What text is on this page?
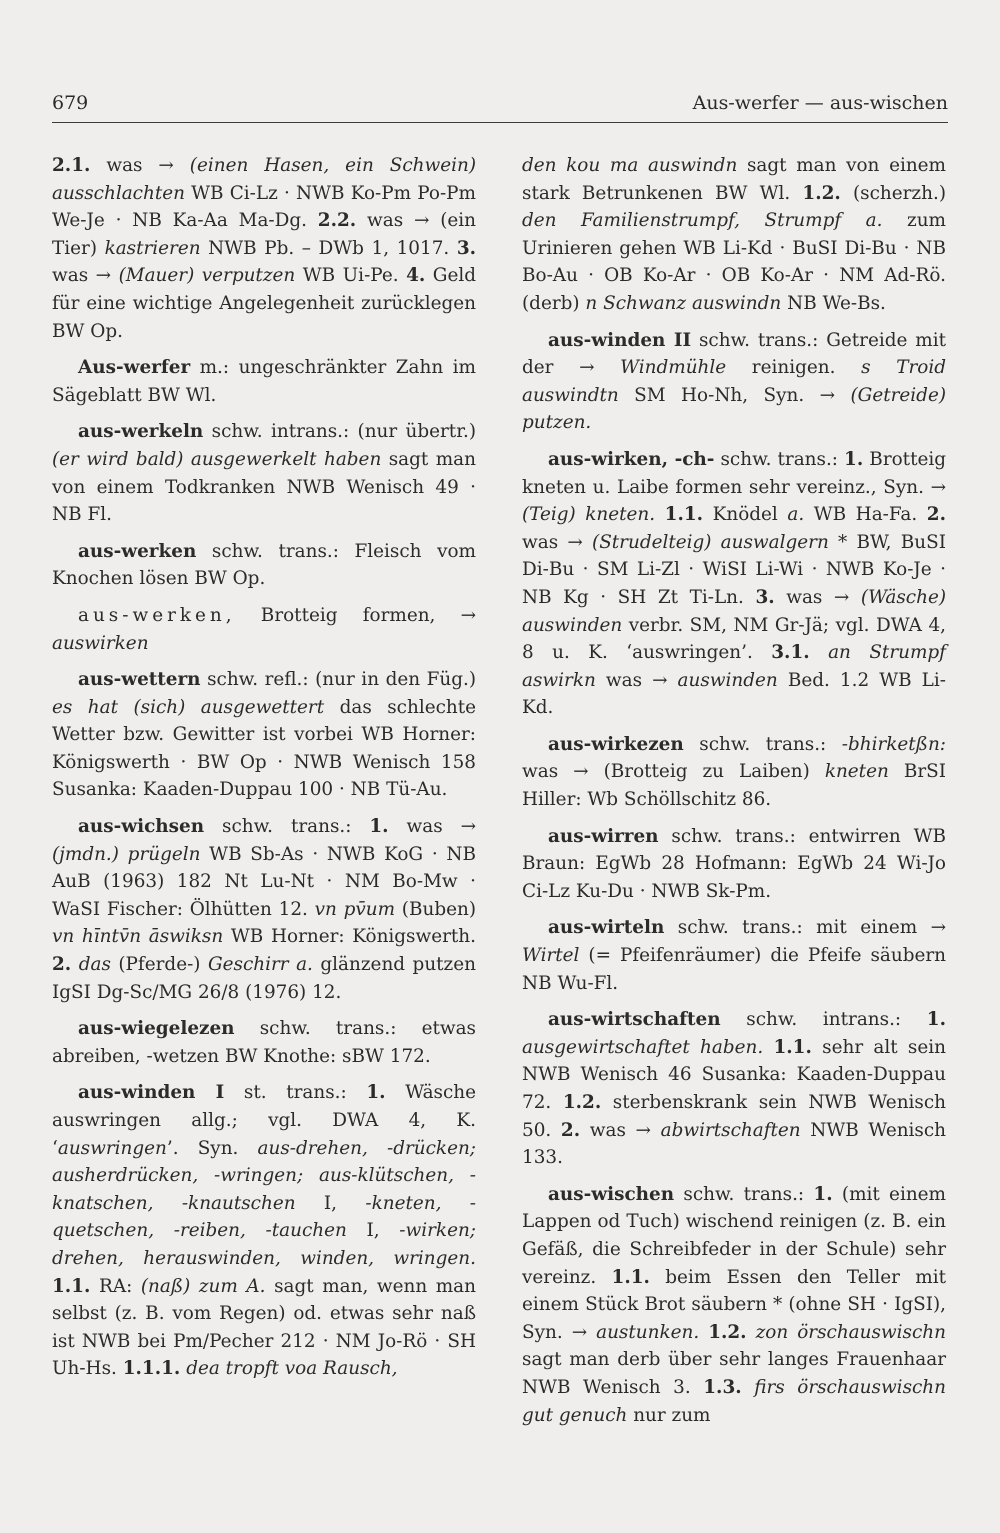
679	Aus-werfer — aus-wischen

2.1. was → (einen Hasen, ein Schwein) ausschlachten WB Ci-Lz · NWB Ko-Pm Po-Pm We-Je · NB Ka-Aa Ma-Dg. 2.2. was → (ein Tier) kastrieren NWB Pb. – DWb 1, 1017. 3. was → (Mauer) verputzen WB Ui-Pe. 4. Geld für eine wichtige Angelegenheit zurücklegen BW Op.

Aus-werfer m.: ungeschränkter Zahn im Sägeblatt BW Wl.

aus-werkeln schw. intrans.: (nur übertr.) (er wird bald) ausgewerkelt haben sagt man von einem Todkranken NWB Wenisch 49 · NB Fl.

aus-werken schw. trans.: Fleisch vom Knochen lösen BW Op.

aus-werken, Brotteig formen, → auswirken

aus-wettern schw. refl.: (nur in den Füg.) es hat (sich) ausgewettert das schlechte Wetter bzw. Gewitter ist vorbei WB Horner: Königswerth · BW Op · NWB Wenisch 158 Susanka: Kaaden-Duppau 100 · NB Tü-Au.

aus-wichsen schw. trans.: 1. was → (jmdn.) prügeln WB Sb-As · NWB KoG · NB AuB (1963) 182 Nt Lu-Nt · NM Bo-Mw · WaSI Fischer: Ölhütten 12. vn pv̄um (Buben) vn hīntv̄n āswiksn WB Horner: Königswerth. 2. das (Pferde-) Geschirr a. glänzend putzen IgSI Dg-Sc/MG 26/8 (1976) 12.

aus-wiegelezen schw. trans.: etwas abreiben, -wetzen BW Knothe: sBW 172.

aus-winden I st. trans.: 1. Wäsche auswringen allg.; vgl. DWA 4, K. ‘auswringen’. Syn. aus-drehen, -drücken; ausherdrücken, -wringen; aus-klütschen, -knatschen, -knautschen I, -kneten, -quetschen, -reiben, -tauchen I, -wirken; drehen, herauswinden, winden, wringen. 1.1. RA: (naß) zum A. sagt man, wenn man selbst (z. B. vom Regen) od. etwas sehr naß ist NWB bei Pm/Pecher 212 · NM Jo-Rö · SH Uh-Hs. 1.1.1. dea tropft voa Rausch,

den kou ma auswindn sagt man von einem stark Betrunkenen BW Wl. 1.2. (scherzh.) den Familienstrumpf, Strumpf a. zum Urinieren gehen WB Li-Kd · BuSI Di-Bu · NB Bo-Au · OB Ko-Ar · OB Ko-Ar · NM Ad-Rö. (derb) n Schwanz auswindn NB We-Bs.

aus-winden II schw. trans.: Getreide mit der → Windmühle reinigen. s Troid auswindtn SM Ho-Nh, Syn. → (Getreide) putzen.

aus-wirken, -ch- schw. trans.: 1. Brotteig kneten u. Laibe formen sehr vereinz., Syn. → (Teig) kneten. 1.1. Knödel a. WB Ha-Fa. 2. was → (Strudelteig) auswalgern * BW, BuSI Di-Bu · SM Li-Zl · WiSI Li-Wi · NWB Ko-Je · NB Kg · SH Zt Ti-Ln. 3. was → (Wäsche) auswinden verbr. SM, NM Gr-Jä; vgl. DWA 4, 8 u. K. ‘auswringen’. 3.1. an Strumpf aswirkn was → auswinden Bed. 1.2 WB Li-Kd.

aus-wirkezen schw. trans.: -bhirketßn: was → (Brotteig zu Laiben) kneten BrSI Hiller: Wb Schöllschitz 86.

aus-wirren schw. trans.: entwirren WB Braun: EgWb 28 Hofmann: EgWb 24 Wi-Jo Ci-Lz Ku-Du · NWB Sk-Pm.

aus-wirteln schw. trans.: mit einem → Wirtel (= Pfeifenräumer) die Pfeife säubern NB Wu-Fl.

aus-wirtschaften schw. intrans.: 1. ausgewirtschaftet haben. 1.1. sehr alt sein NWB Wenisch 46 Susanka: Kaaden-Duppau 72. 1.2. sterbenskrank sein NWB Wenisch 50. 2. was → abwirtschaften NWB Wenisch 133.

aus-wischen schw. trans.: 1. (mit einem Lappen od Tuch) wischend reinigen (z. B. ein Gefäß, die Schreibfeder in der Schule) sehr vereinz. 1.1. beim Essen den Teller mit einem Stück Brot säubern * (ohne SH · IgSI), Syn. → austunken. 1.2. zon örschauswischn sagt man derb über sehr langes Frauenhaar NWB Wenisch 3. 1.3. firs örschauswischn gut genuch nur zum
